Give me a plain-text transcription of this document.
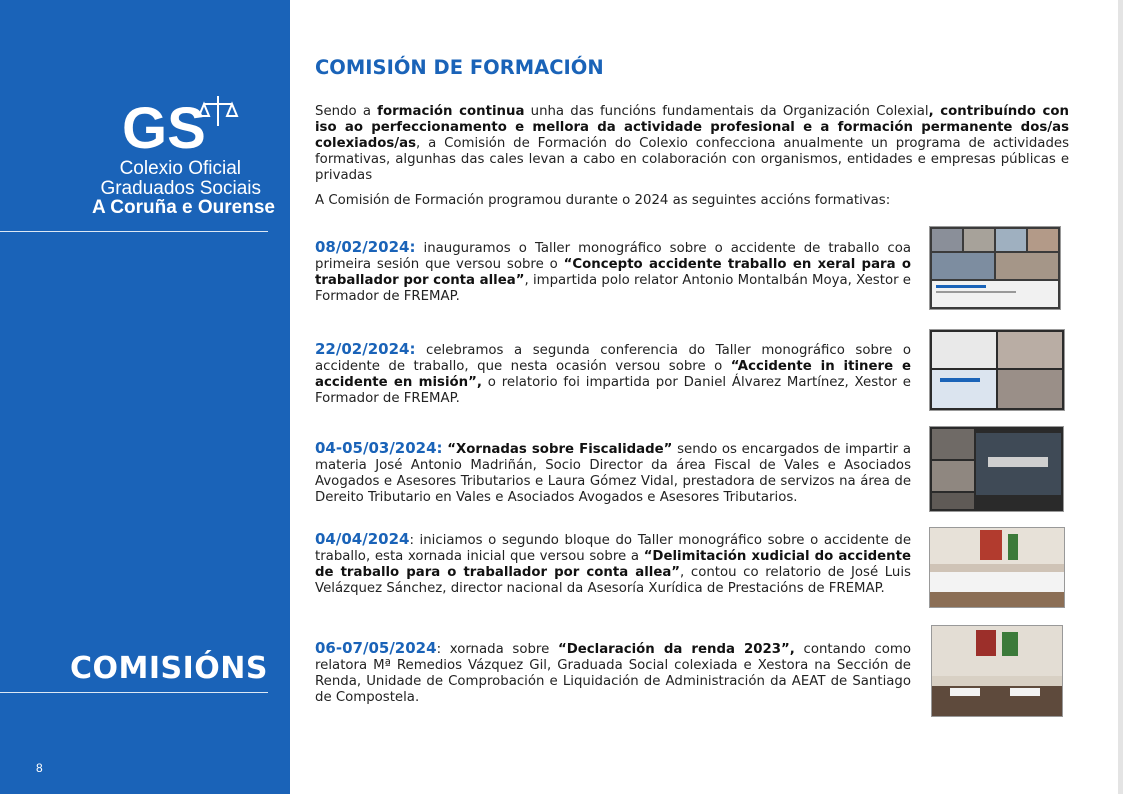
GS
Colexio Oficial
Graduados Sociais
A Coruña e Ourense
COMISIÓNS
8
COMISIÓN DE FORMACIÓN
Sendo a formación continua unha das funcións fundamentais da Organización Colexial, contribuíndo con iso ao perfeccionamento e mellora da actividade profesional e a formación permanente dos/as colexiados/as, a Comisión de Formación do Colexio confecciona anualmente un programa de actividades formativas, algunhas das cales levan a cabo en colaboración con organismos, entidades e empresas públicas e privadas
A Comisión de Formación programou durante o 2024 as seguintes accións formativas:
08/02/2024: inauguramos o Taller monográfico sobre o accidente de traballo coa primeira sesión que versou sobre o “Concepto accidente traballo en xeral para o traballador por conta allea”, impartida polo relator Antonio Montalbán Moya, Xestor e Formador de FREMAP.
22/02/2024: celebramos a segunda conferencia do Taller monográfico sobre o accidente de traballo, que nesta ocasión versou sobre o “Accidente in itinere e accidente en misión”, o relatorio foi impartida por Daniel Álvarez Martínez, Xestor e Formador de FREMAP.
04-05/03/2024: “Xornadas sobre Fiscalidade” sendo os encargados de impartir a materia José Antonio Madriñán, Socio Director da área Fiscal de Vales e Asociados Avogados e Asesores Tributarios e Laura Gómez Vidal, prestadora de servizos na área de Dereito Tributario en Vales e Asociados Avogados e Asesores Tributarios.
04/04/2024: iniciamos o segundo bloque do Taller monográfico sobre o accidente de traballo, esta xornada inicial que versou sobre a “Delimitación xudicial do accidente de traballo para o traballador por conta allea”, contou co relatorio de José Luis Velázquez Sánchez, director nacional da Asesoría Xurídica de Prestacións de FREMAP.
06-07/05/2024: xornada sobre “Declaración da renda 2023”, contando como relatora Mª Remedios Vázquez Gil, Graduada Social colexiada e Xestora na Sección de Renda, Unidade de Comprobación e Liquidación de Administración da AEAT de Santiago de Compostela.
